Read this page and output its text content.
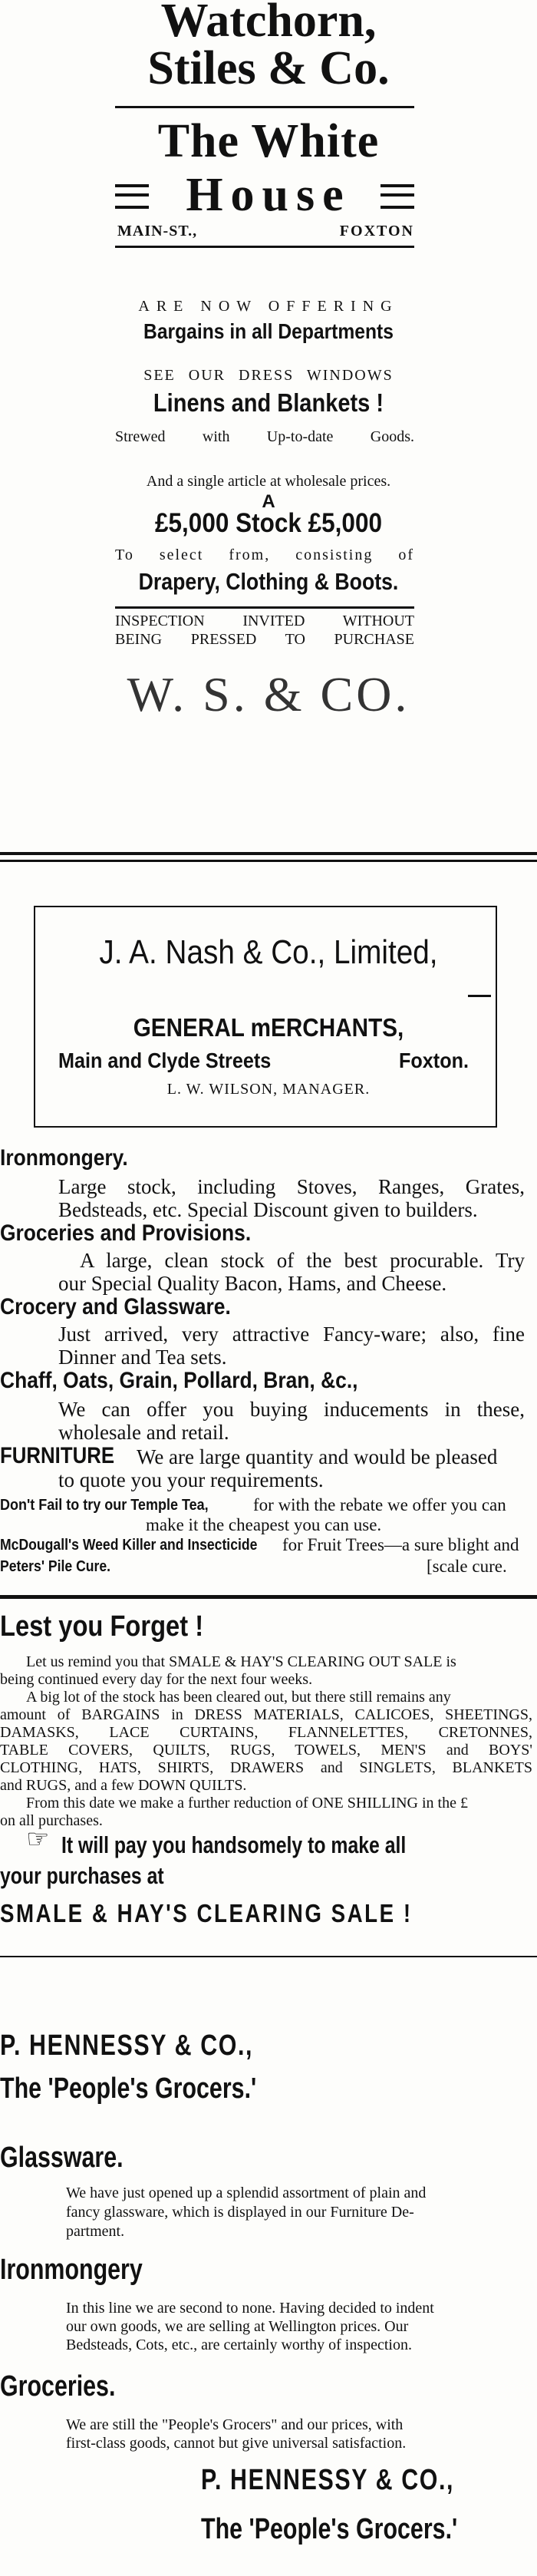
Watchorn,
Stiles & Co.
The White
House
MAIN-ST.,	FOXTON
ARE NOW OFFERING
Bargains in all Departments
SEE OUR DRESS WINDOWS
Linens and Blankets !
Strewed with Up-to-date Goods.
And a single article at wholesale prices.
A
£5,000 Stock £5,000
To select from, consisting of
Drapery, Clothing & Boots.
INSPECTION INVITED WITHOUT
BEING PRESSED TO PURCHASE
W. S. & CO.
J. A. Nash & Co., Limited,
GENERAL mERCHANTS,
Main and Clyde Streets	Foxton.
L. W. WILSON, MANAGER.
Ironmongery.
Large stock, including Stoves, Ranges, Grates,
Bedsteads, etc. Special Discount given to builders.
Groceries and Provisions.
A large, clean stock of the best procurable. Try
our Special Quality Bacon, Hams, and Cheese.
Crocery and Glassware.
Just arrived, very attractive Fancy-ware; also, fine
Dinner and Tea sets.
Chaff, Oats, Grain, Pollard, Bran, &c.,
We can offer you buying inducements in these,
wholesale and retail.
FURNITURE We are large quantity and would be pleased
to quote you your requirements.
Don't Fail to try our Temple Tea,	for with the rebate we offer you can
make it the cheapest you can use.
McDougall's Weed Killer and Insecticide for Fruit Trees—a sure blight and
Peters' Pile Cure.	[scale cure.
Lest you Forget !
Let us remind you that SMALE & HAY'S CLEARING OUT SALE is
being continued every day for the next four weeks.
A big lot of the stock has been cleared out, but there still remains any
amount of BARGAINS in DRESS MATERIALS, CALICOES, SHEETINGS,
DAMASKS, LACE CURTAINS, FLANNELETTES, CRETONNES,
TABLE COVERS, QUILTS, RUGS, TOWELS, MEN'S and BOYS'
CLOTHING, HATS, SHIRTS, DRAWERS and SINGLETS, BLANKETS
and RUGS, and a few DOWN QUILTS.
From this date we make a further reduction of ONE SHILLING in the £
on all purchases.
☞ It will pay you handsomely to make all
your purchases at
SMALE & HAY'S CLEARING SALE !
P. HENNESSY & CO.,
The 'People's Grocers.'
Glassware.
We have just opened up a splendid assortment of plain and
fancy glassware, which is displayed in our Furniture De-
partment.
Ironmongery
In this line we are second to none. Having decided to indent
our own goods, we are selling at Wellington prices. Our
Bedsteads, Cots, etc., are certainly worthy of inspection.
Groceries.
We are still the "People's Grocers" and our prices, with
first-class goods, cannot but give universal satisfaction.
P. HENNESSY & CO.,
The 'People's Grocers.'
